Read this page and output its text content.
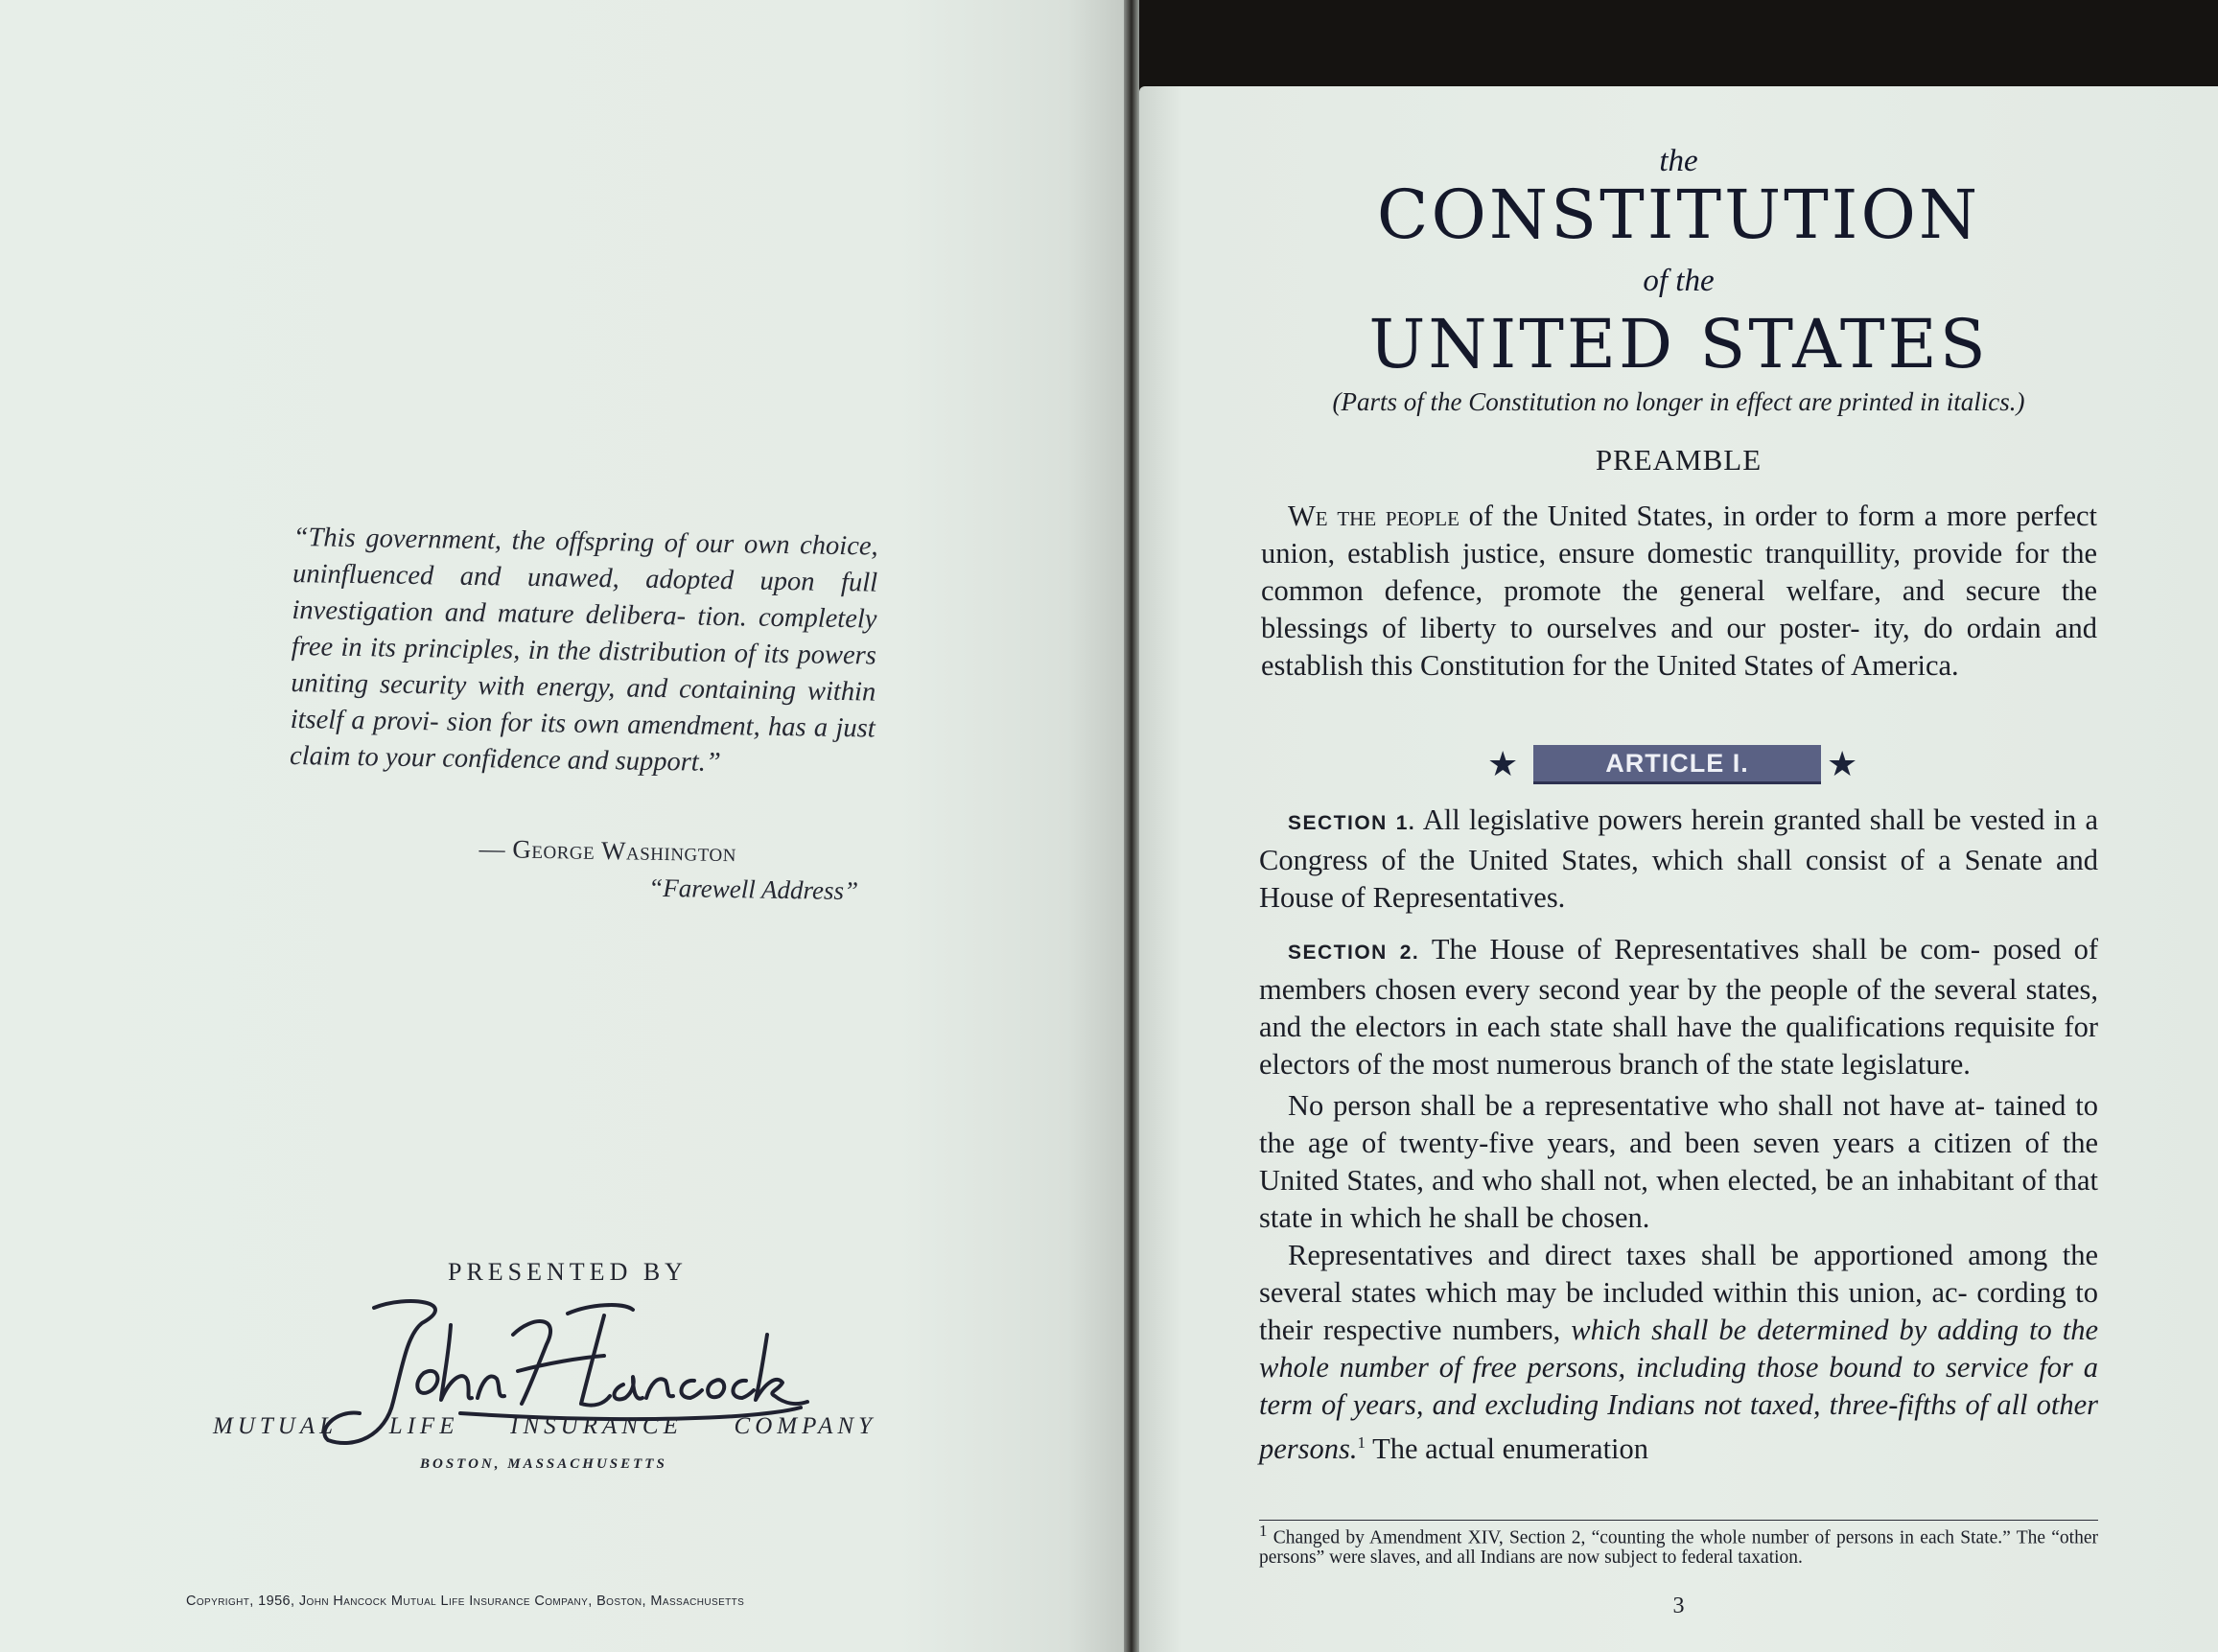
“This government, the offspring of our own choice, uninfluenced and unawed, adopted upon full investigation and mature delibera- tion. completely free in its principles, in the distribution of its powers uniting security with energy, and containing within itself a provi- sion for its own amendment, has a just claim to your confidence and support.”

— George Washington
“Farewell Address”
PRESENTED BY
MUTUAL LIFE INSURANCE COMPANY
BOSTON, MASSACHUSETTS
Copyright, 1956, John Hancock Mutual Life Insurance Company, Boston, Massachusetts
the
CONSTITUTION
of the
UNITED STATES
(Parts of the Constitution no longer in effect are printed in italics.)
PREAMBLE

We the people of the United States, in order to form a more perfect union, establish justice, ensure domestic tranquillity, provide for the common defence, promote the general welfare, and secure the blessings of liberty to ourselves and our poster- ity, do ordain and establish this Constitution for the United States of America.

★	ARTICLE I.	★

SECTION 1. All legislative powers herein granted shall be vested in a Congress of the United States, which shall consist of a Senate and House of Representatives.

SECTION 2. The House of Representatives shall be com- posed of members chosen every second year by the people of the several states, and the electors in each state shall have the qualifications requisite for electors of the most numerous branch of the state legislature.

No person shall be a representative who shall not have at- tained to the age of twenty-five years, and been seven years a citizen of the United States, and who shall not, when elected, be an inhabitant of that state in which he shall be chosen.

Representatives and direct taxes shall be apportioned among the several states which may be included within this union, ac- cording to their respective numbers, which shall be determined by adding to the whole number of free persons, including those bound to service for a term of years, and excluding Indians not taxed, three-fifths of all other persons.$^1$ The actual enumeration

$^1$ Changed by Amendment XIV, Section 2, “counting the whole number of persons in each State.” The “other persons” were slaves, and all Indians are now subject to federal taxation.
3
